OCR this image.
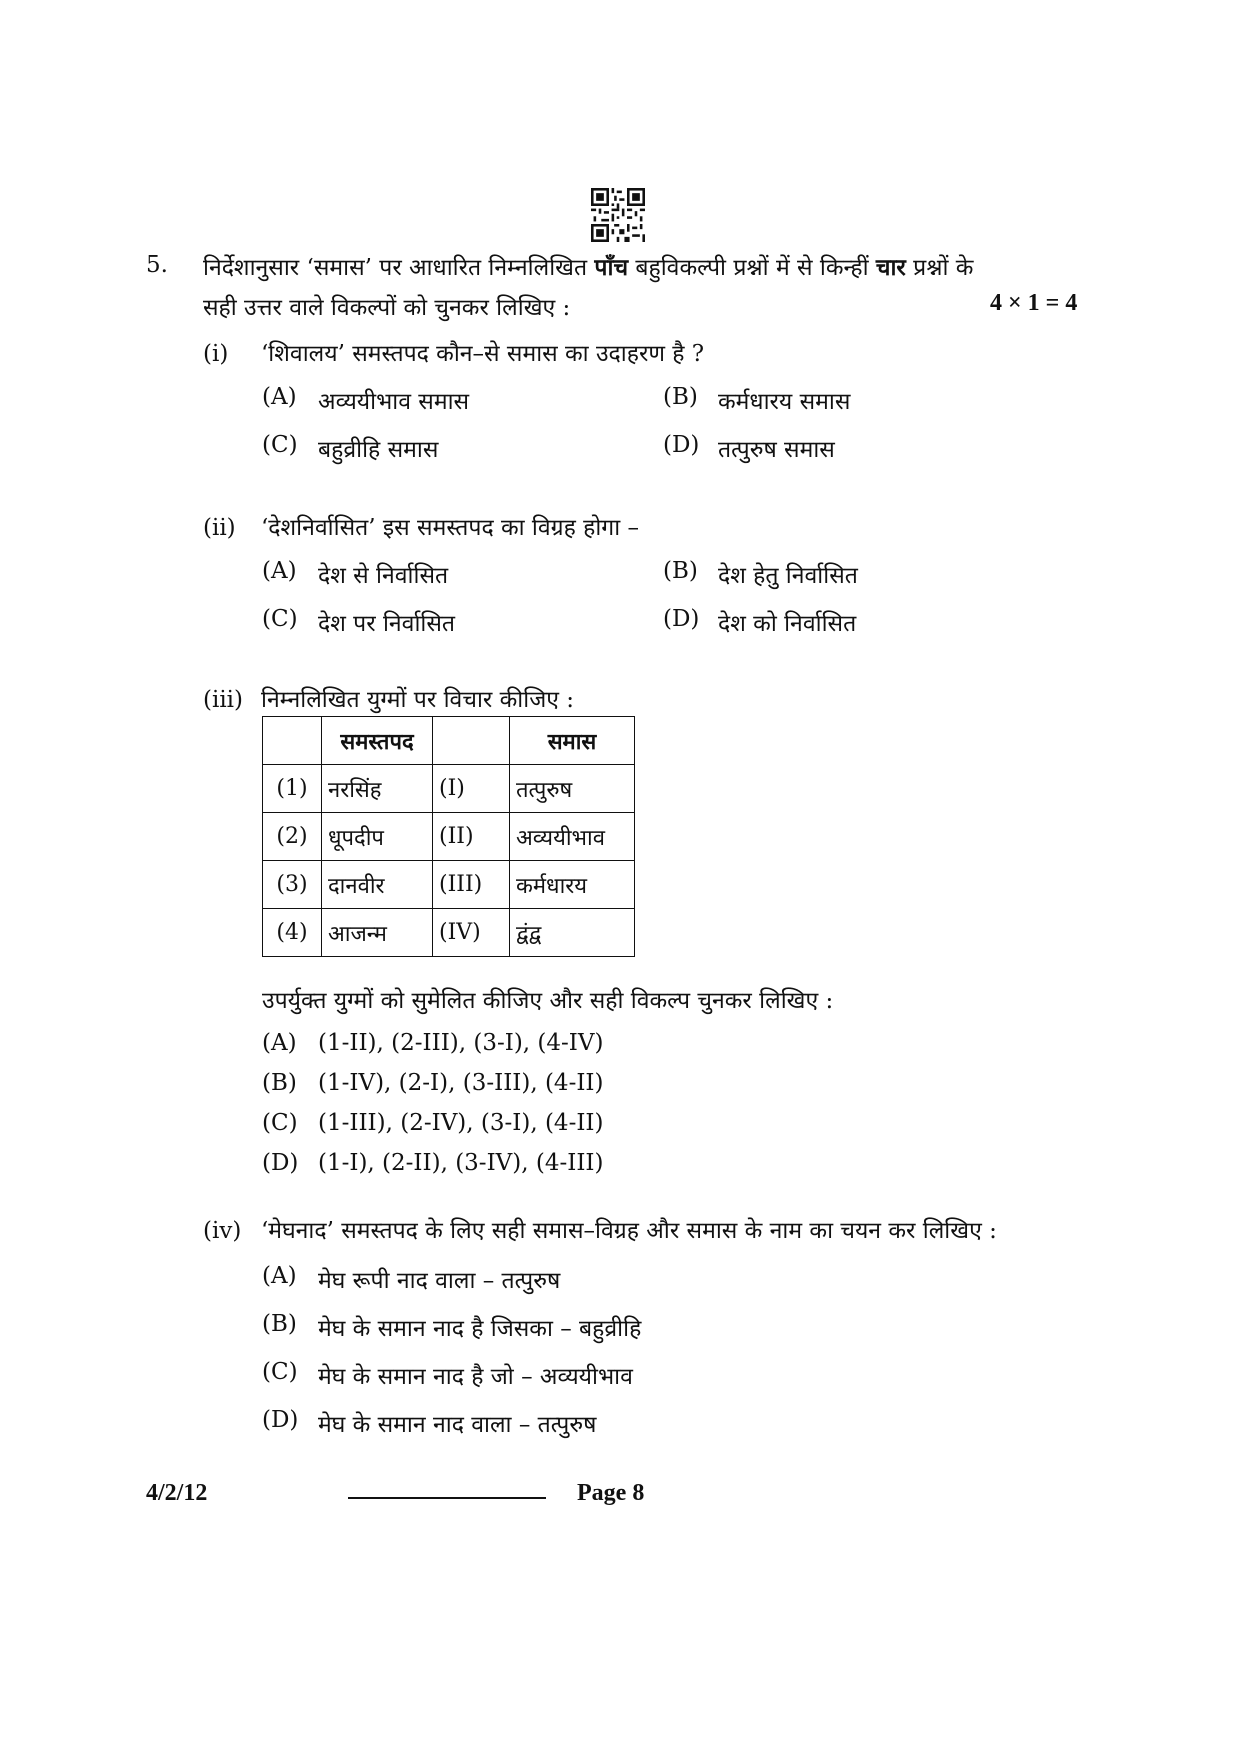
5. निर्देशानुसार ‘समास’ पर आधारित निम्नलिखित पाँच बहुविकल्पी प्रश्नों में से किन्हीं चार प्रश्नों के
सही उत्तर वाले विकल्पों को चुनकर लिखिए :	4 × 1 = 4
(i) ‘शिवालय’ समस्तपद कौन–से समास का उदाहरण है ?
(A) अव्ययीभाव समास	(B) कर्मधारय समास
(C) बहुव्रीहि समास	(D) तत्पुरुष समास
(ii) ‘देशनिर्वासित’ इस समस्तपद का विग्रह होगा –
(A) देश से निर्वासित	(B) देश हेतु निर्वासित
(C) देश पर निर्वासित	(D) देश को निर्वासित
(iii) निम्नलिखित युग्मों पर विचार कीजिए :
	समस्तपद		समास
(1)	नरसिंह	(I)	तत्पुरुष
(2)	धूपदीप	(II)	अव्ययीभाव
(3)	दानवीर	(III)	कर्मधारय
(4)	आजन्म	(IV)	द्वंद्व
उपर्युक्त युग्मों को सुमेलित कीजिए और सही विकल्प चुनकर लिखिए :
(A) (1-II), (2-III), (3-I), (4-IV)
(B) (1-IV), (2-I), (3-III), (4-II)
(C) (1-III), (2-IV), (3-I), (4-II)
(D) (1-I), (2-II), (3-IV), (4-III)
(iv) ‘मेघनाद’ समस्तपद के लिए सही समास–विग्रह और समास के नाम का चयन कर लिखिए :
(A) मेघ रूपी नाद वाला – तत्पुरुष
(B) मेघ के समान नाद है जिसका – बहुव्रीहि
(C) मेघ के समान नाद है जो – अव्ययीभाव
(D) मेघ के समान नाद वाला – तत्पुरुष
4/2/12	Page 8
